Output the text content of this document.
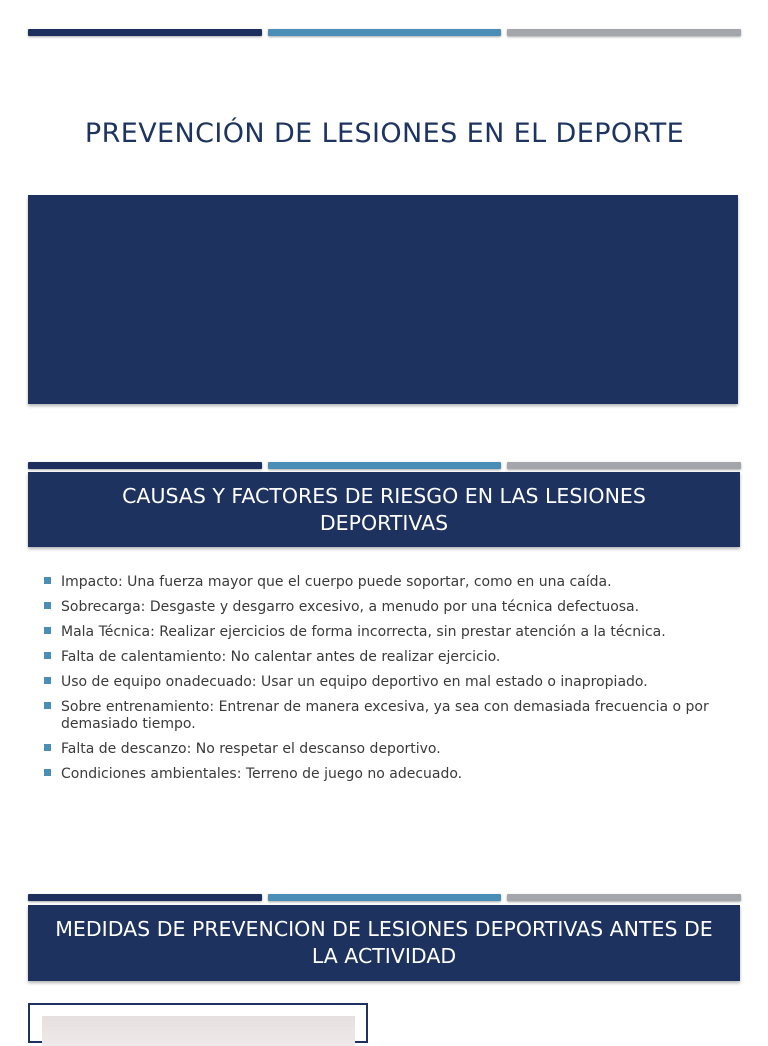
PREVENCIÓN DE LESIONES EN EL DEPORTE
CAUSAS Y FACTORES DE RIESGO EN LAS LESIONES DEPORTIVAS
Impacto: Una fuerza mayor que el cuerpo puede soportar, como en una caída.
Sobrecarga: Desgaste y desgarro excesivo, a menudo por una técnica defectuosa.
Mala Técnica: Realizar ejercicios de forma incorrecta, sin prestar atención a la técnica.
Falta de calentamiento: No calentar antes de realizar ejercicio.
Uso de equipo onadecuado: Usar un equipo deportivo en mal estado o inapropiado.
Sobre entrenamiento: Entrenar de manera excesiva, ya sea con demasiada frecuencia o por demasiado tiempo.
Falta de descanzo: No respetar el descanso deportivo.
Condiciones ambientales: Terreno de juego no adecuado.
MEDIDAS DE PREVENCION DE LESIONES DEPORTIVAS ANTES DE LA ACTIVIDAD
